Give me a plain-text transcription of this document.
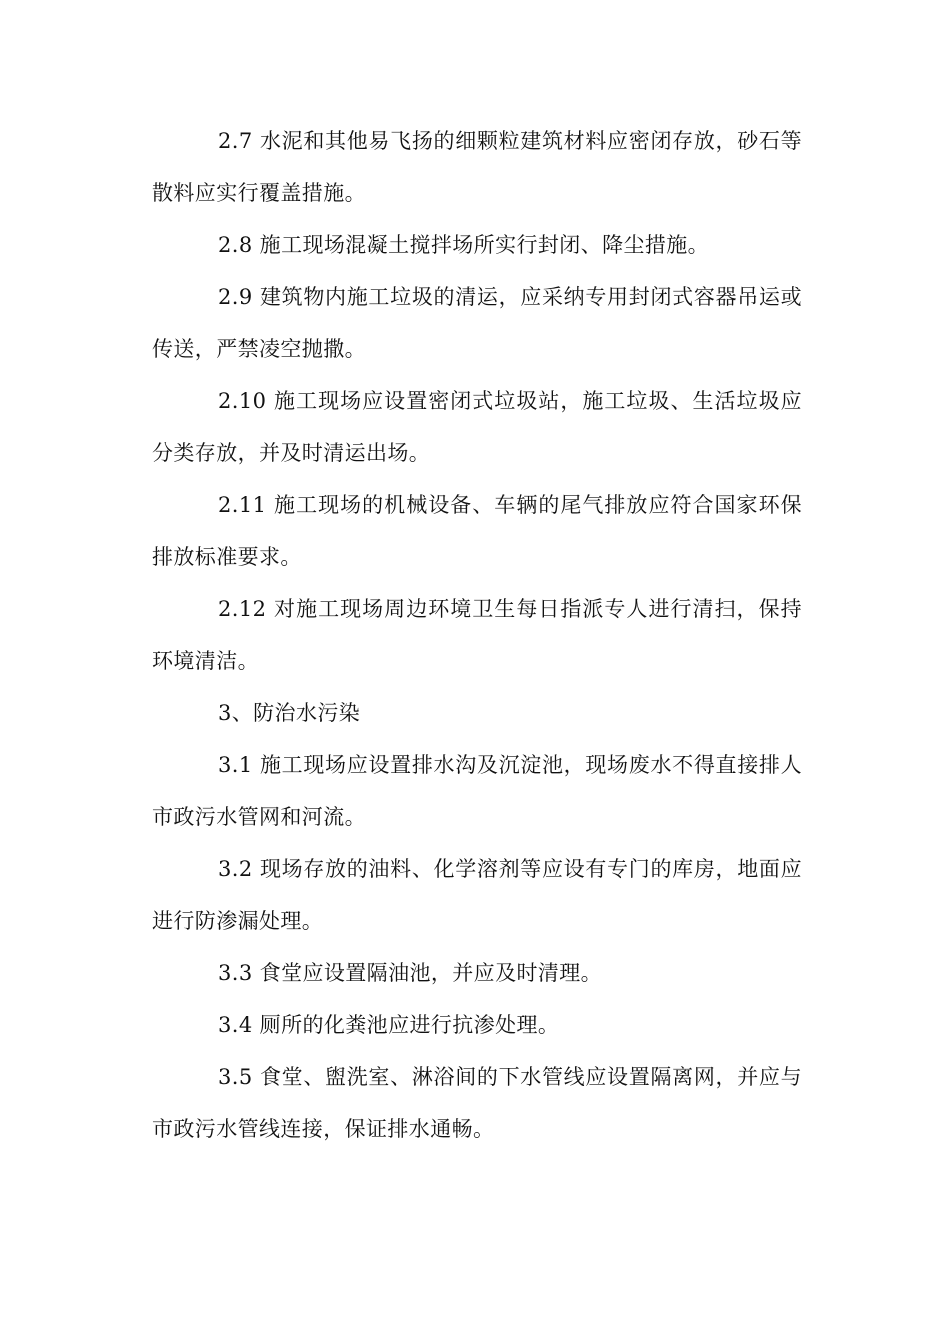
2.7 水泥和其他易飞扬的细颗粒建筑材料应密闭存放，砂石等散料应实行覆盖措施。

2.8 施工现场混凝土搅拌场所实行封闭、降尘措施。

2.9 建筑物内施工垃圾的清运，应采纳专用封闭式容器吊运或传送，严禁凌空抛撒。

2.10 施工现场应设置密闭式垃圾站，施工垃圾、生活垃圾应分类存放，并及时清运出场。

2.11 施工现场的机械设备、车辆的尾气排放应符合国家环保排放标准要求。

2.12 对施工现场周边环境卫生每日指派专人进行清扫，保持环境清洁。

3、防治水污染

3.1 施工现场应设置排水沟及沉淀池，现场废水不得直接排人市政污水管网和河流。

3.2 现场存放的油料、化学溶剂等应设有专门的库房，地面应进行防渗漏处理。

3.3 食堂应设置隔油池，并应及时清理。

3.4 厕所的化粪池应进行抗渗处理。

3.5 食堂、盥洗室、淋浴间的下水管线应设置隔离网，并应与市政污水管线连接，保证排水通畅。
